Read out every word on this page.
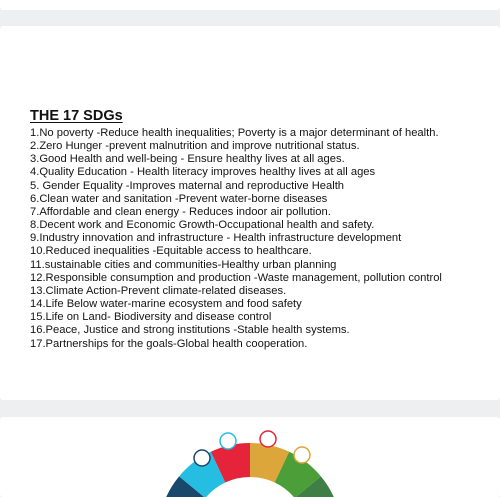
THE 17 SDGs
1.No poverty -Reduce health inequalities; Poverty is a major determinant of health.
2.Zero Hunger -prevent malnutrition and improve nutritional status.
3.Good Health and well-being - Ensure healthy lives at all ages.
4.Quality Education - Health literacy improves healthy lives at all ages
5. Gender Equality -Improves maternal and reproductive Health
6.Clean water and sanitation -Prevent water-borne diseases
7.Affordable and clean energy - Reduces indoor air pollution.
8.Decent work and Economic Growth-Occupational health and safety.
9.Industry innovation and infrastructure - Health infrastructure development
10.Reduced inequalities -Equitable access to healthcare.
11.sustainable cities and communities-Healthy urban planning
12.Responsible consumption and production -Waste management, pollution control
13.Climate Action-Prevent climate-related diseases.
14.Life Below water-marine ecosystem and food safety
15.Life on Land- Biodiversity and disease control
16.Peace, Justice and strong institutions -Stable health systems.
17.Partnerships for the goals-Global health cooperation.
